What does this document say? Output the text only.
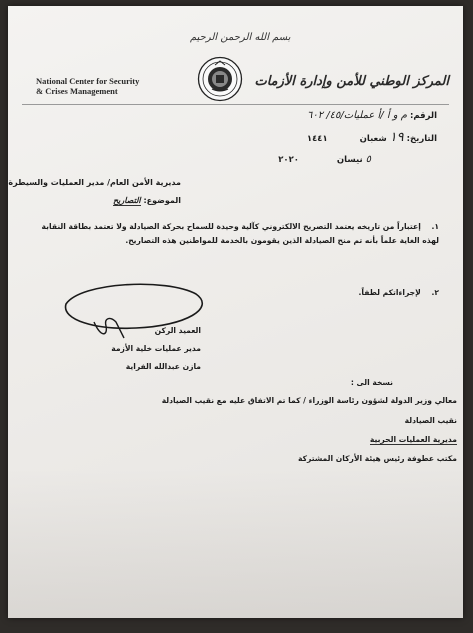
بسم الله الرحمن الرحيم
National Center for Security
& Crises Management
المركز الوطني للأمن وإدارة الأزمات
الرقم: م و أ /أ عمليات/٤٥/ ٦٠٢
التاريخ: ١٩ شعبان  ١٤٤١
٥ نيسان  ٢٠٢٠
مديرية الأمن العام/ مدير العمليات والسيطرة
الموضوع: التصاريح
١. إعتباراً من تاريخه يعتمد التصريح الالكتروني كآلية وحيدة للسماح بحركة الصيادلة ولا تعتمد بطاقة النقابة لهذه الغاية علماً بأنه تم منح الصيادلة الذين يقومون بالخدمة للمواطنين هذه التصاريح.
٢. لإجراءاتكم لطفاً.
العميد الركن
مدير عمليات خلية الأزمة
مازن عبدالله الفراية
نسخة الى :
معالي وزير الدولة لشؤون رئاسة الوزراء / كما تم الاتفاق عليه مع نقيب الصيادلة
نقيب الصيادلة
مديرية العمليات الحربية
مكتب عطوفة رئيس هيئة الأركان المشتركة
